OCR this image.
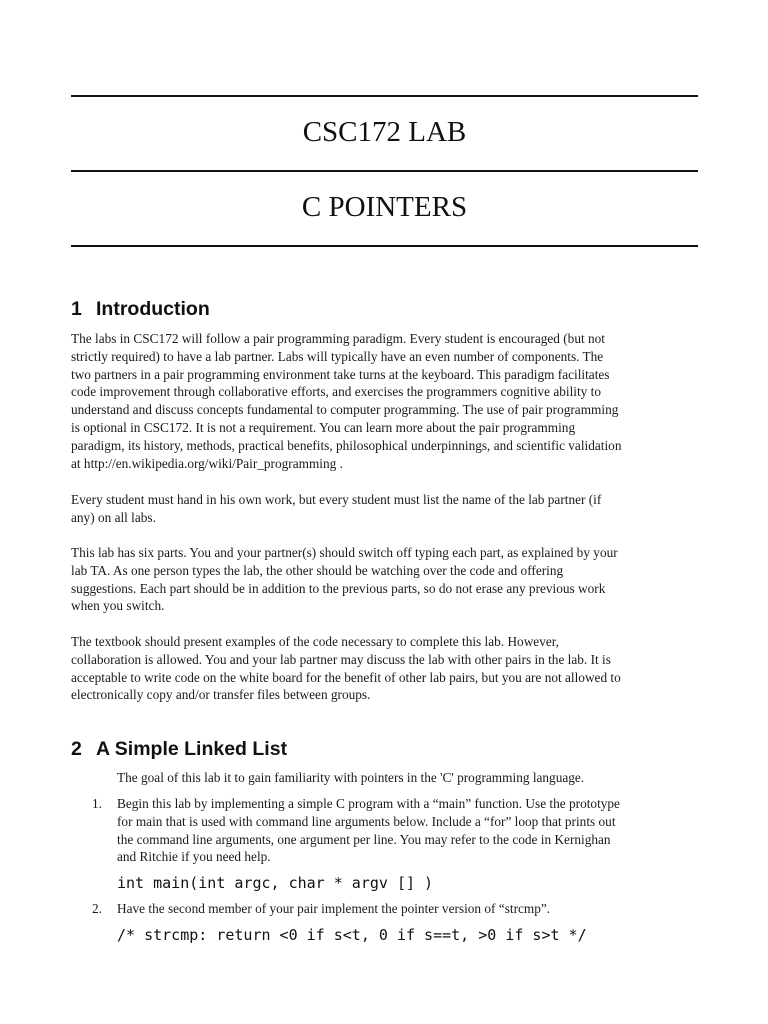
CSC172 LAB
C POINTERS
1 Introduction
The labs in CSC172 will follow a pair programming paradigm. Every student is encouraged (but not
strictly required) to have a lab partner. Labs will typically have an even number of components. The
two partners in a pair programming environment take turns at the keyboard. This paradigm facilitates
code improvement through collaborative efforts, and exercises the programmers cognitive ability to
understand and discuss concepts fundamental to computer programming. The use of pair programming
is optional in CSC172. It is not a requirement. You can learn more about the pair programming
paradigm, its history, methods, practical benefits, philosophical underpinnings, and scientific validation
at http://en.wikipedia.org/wiki/Pair_programming .
Every student must hand in his own work, but every student must list the name of the lab partner (if
any) on all labs.
This lab has six parts. You and your partner(s) should switch off typing each part, as explained by your
lab TA. As one person types the lab, the other should be watching over the code and offering
suggestions. Each part should be in addition to the previous parts, so do not erase any previous work
when you switch.
The textbook should present examples of the code necessary to complete this lab. However,
collaboration is allowed. You and your lab partner may discuss the lab with other pairs in the lab. It is
acceptable to write code on the white board for the benefit of other lab pairs, but you are not allowed to
electronically copy and/or transfer files between groups.
2 A Simple Linked List
The goal of this lab it to gain familiarity with pointers in the 'C' programming language.
1. Begin this lab by implementing a simple C program with a “main” function. Use the prototype
for main that is used with command line arguments below. Include a “for” loop that prints out
the command line arguments, one argument per line. You may refer to the code in Kernighan
and Ritchie if you need help.
int main(int argc, char * argv [] )
2. Have the second member of your pair implement the pointer version of “strcmp”.
/* strcmp: return <0 if s<t, 0 if s==t, >0 if s>t */
